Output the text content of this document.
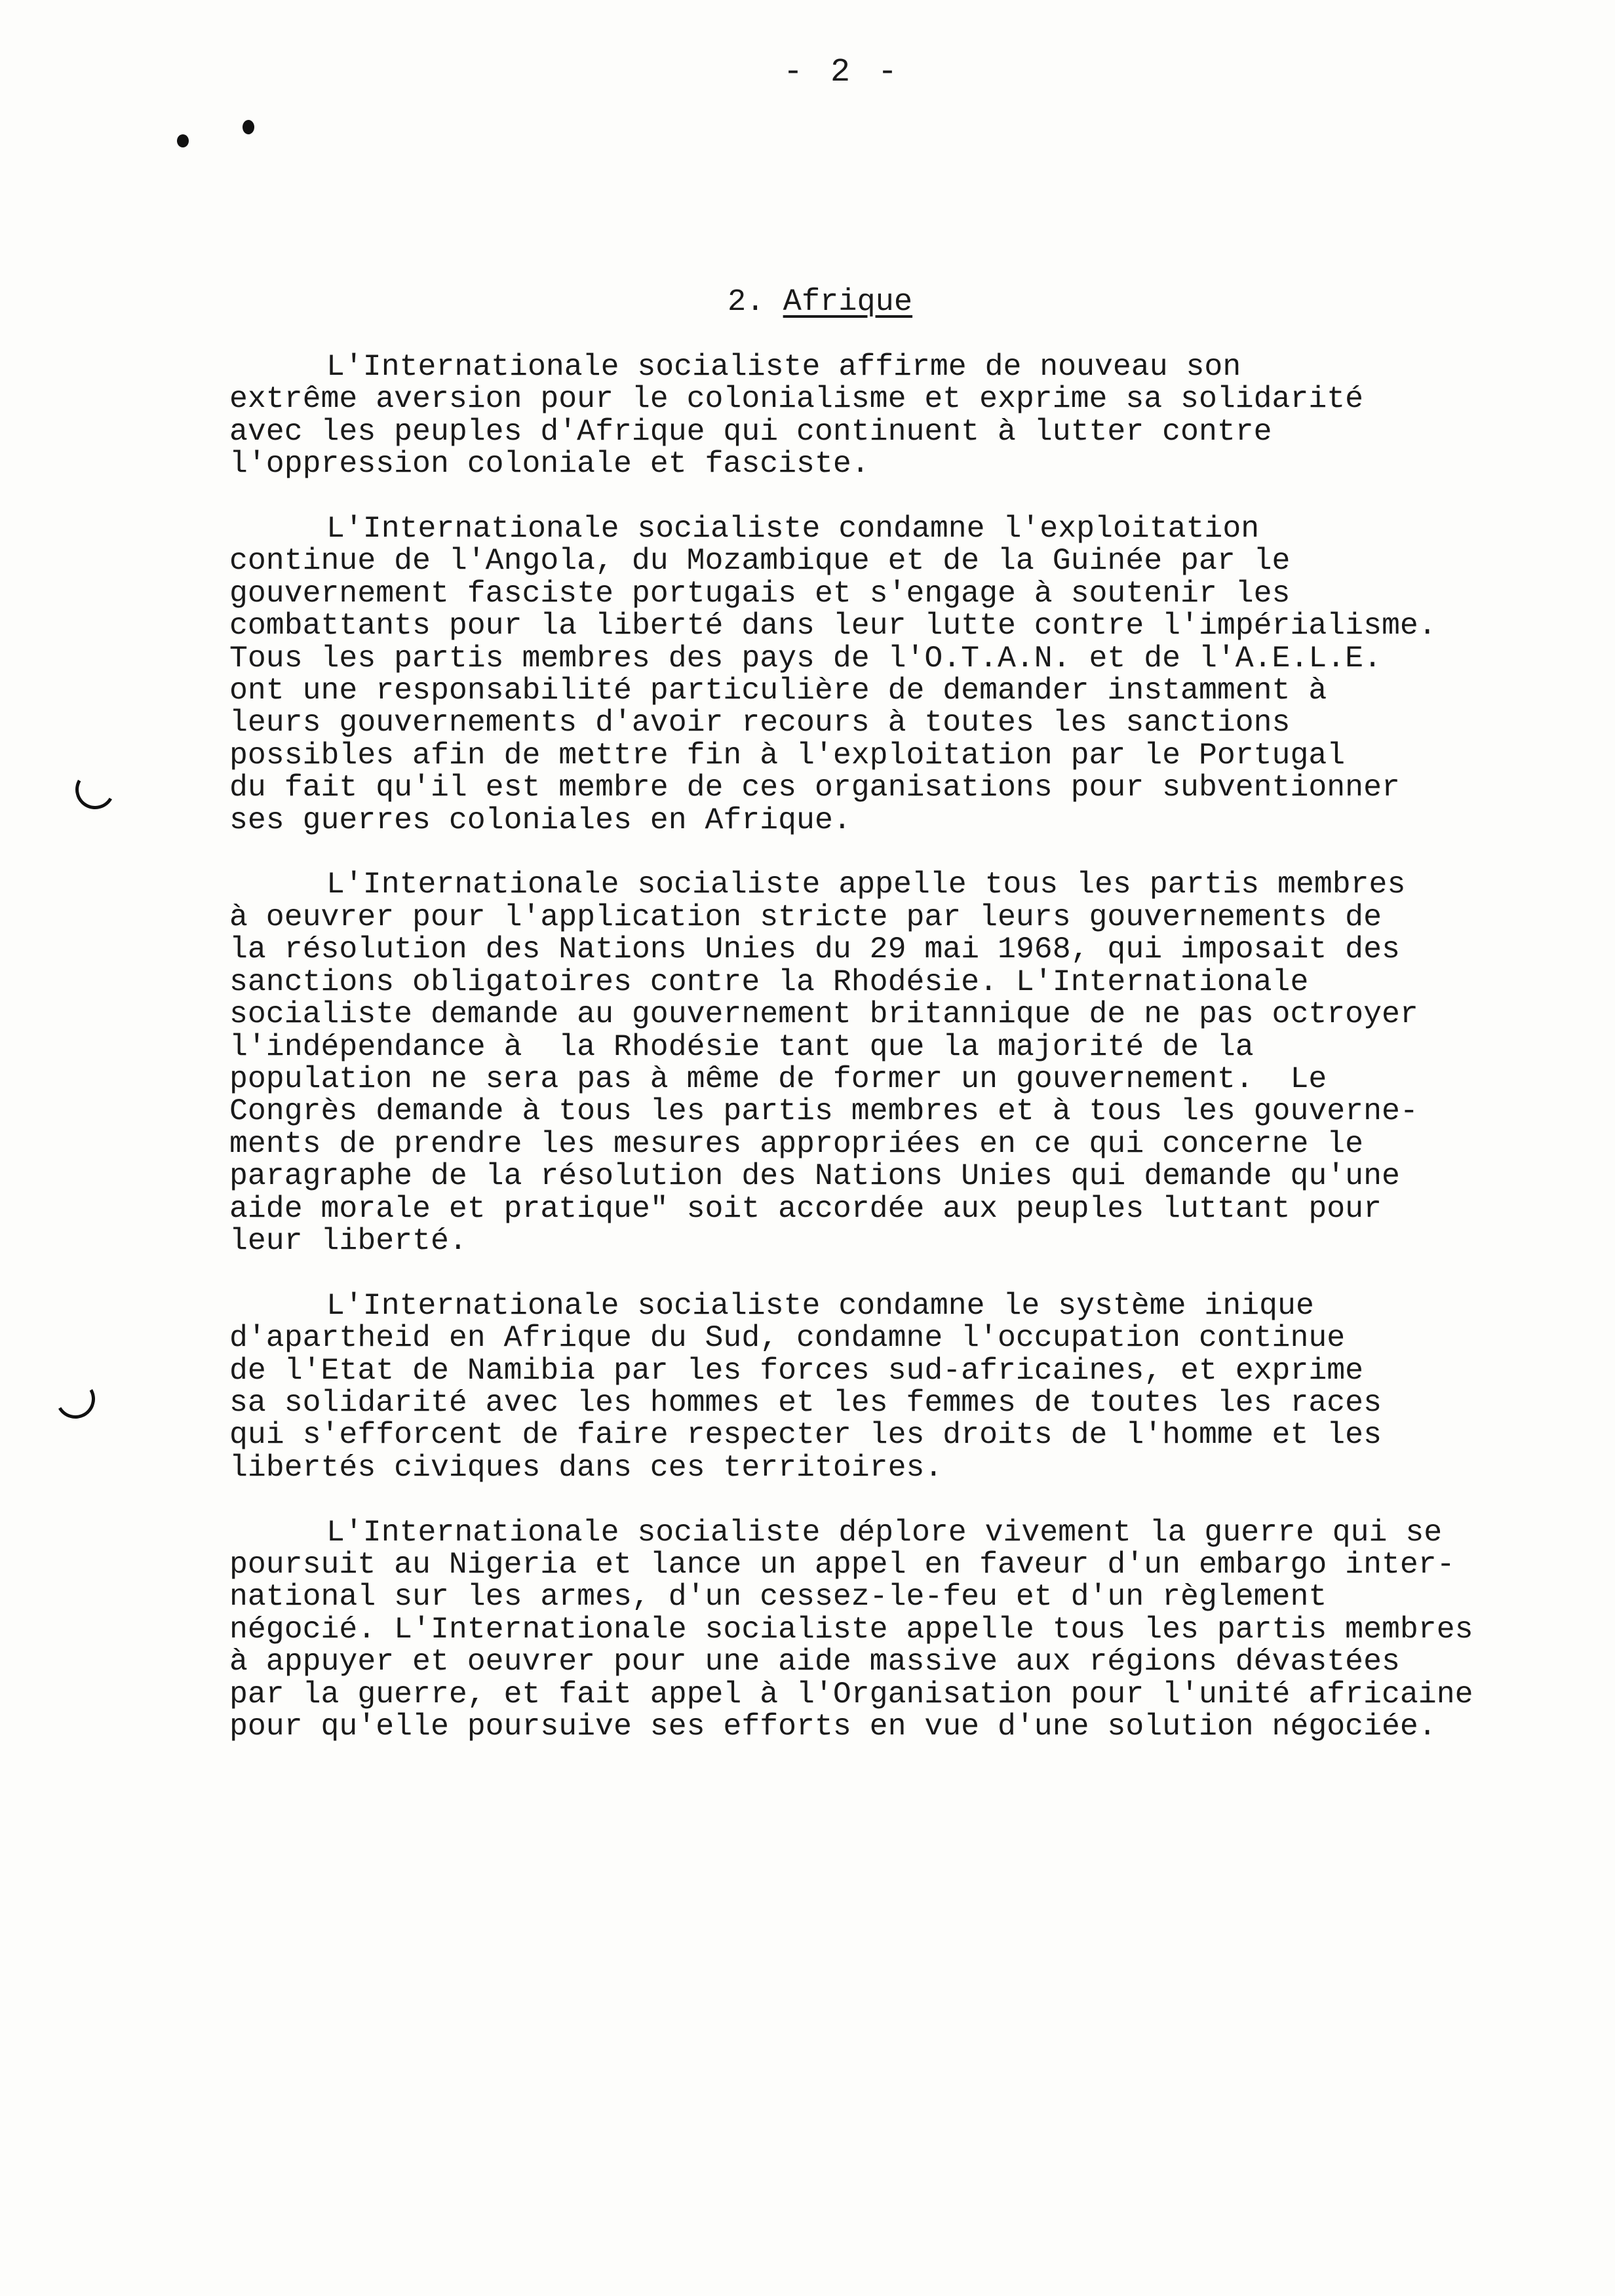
- 2 -
2. Afrique
L'Internationale socialiste affirme de nouveau son
extrême aversion pour le colonialisme et exprime sa solidarité
avec les peuples d'Afrique qui continuent à lutter contre
l'oppression coloniale et fasciste.
L'Internationale socialiste condamne l'exploitation
continue de l'Angola, du Mozambique et de la Guinée par le
gouvernement fasciste portugais et s'engage à soutenir les
combattants pour la liberté dans leur lutte contre l'impérialisme.
Tous les partis membres des pays de l'O.T.A.N. et de l'A.E.L.E.
ont une responsabilité particulière de demander instamment à
leurs gouvernements d'avoir recours à toutes les sanctions
possibles afin de mettre fin à l'exploitation par le Portugal
du fait qu'il est membre de ces organisations pour subventionner
ses guerres coloniales en Afrique.
L'Internationale socialiste appelle tous les partis membres
à oeuvrer pour l'application stricte par leurs gouvernements de
la résolution des Nations Unies du 29 mai 1968, qui imposait des
sanctions obligatoires contre la Rhodésie. L'Internationale
socialiste demande au gouvernement britannique de ne pas octroyer
l'indépendance à  la Rhodésie tant que la majorité de la
population ne sera pas à même de former un gouvernement.  Le
Congrès demande à tous les partis membres et à tous les gouverne-
ments de prendre les mesures appropriées en ce qui concerne le
paragraphe de la résolution des Nations Unies qui demande qu'une
aide morale et pratique" soit accordée aux peuples luttant pour
leur liberté.
L'Internationale socialiste condamne le système inique
d'apartheid en Afrique du Sud, condamne l'occupation continue
de l'Etat de Namibia par les forces sud-africaines, et exprime
sa solidarité avec les hommes et les femmes de toutes les races
qui s'efforcent de faire respecter les droits de l'homme et les
libertés civiques dans ces territoires.
L'Internationale socialiste déplore vivement la guerre qui se
poursuit au Nigeria et lance un appel en faveur d'un embargo inter-
national sur les armes, d'un cessez-le-feu et d'un règlement
négocié. L'Internationale socialiste appelle tous les partis membres
à appuyer et oeuvrer pour une aide massive aux régions dévastées
par la guerre, et fait appel à l'Organisation pour l'unité africaine
pour qu'elle poursuive ses efforts en vue d'une solution négociée.
